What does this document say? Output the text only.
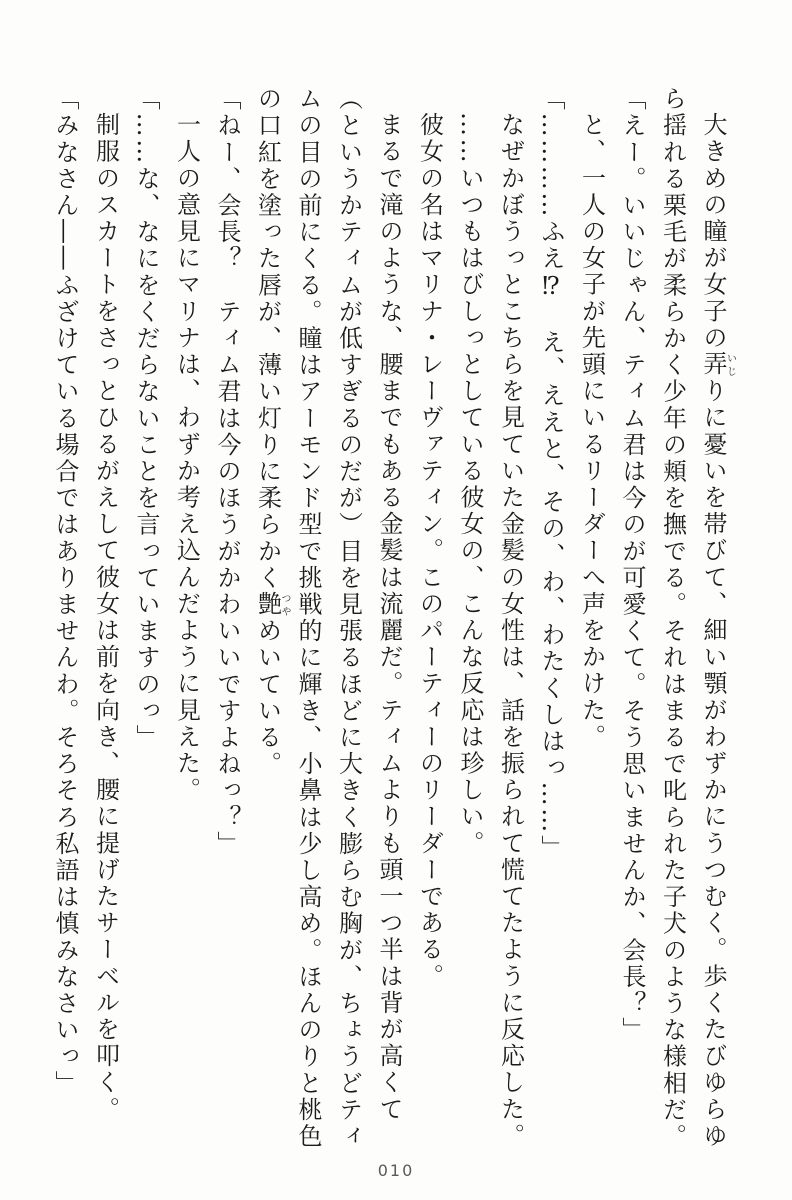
大きめの瞳が女子の弄いじりに憂いを帯びて、細い顎がわずかにうつむく。歩くたびゆらゆら揺れる栗毛が柔らかく少年の頬を撫でる。それはまるで叱られた子犬のような様相だ。

「えー。いいじゃん、ティム君は今のが可愛くて。そう思いませんか、会長？」

と、一人の女子が先頭にいるリーダーへ声をかけた。

「…………ふえ⁉　え、ええと、その、わ、わたくしはっ……」

なぜかぼうっとこちらを見ていた金髪の女性は、話を振られて慌てたように反応した。

……いつもはびしっとしている彼女の、こんな反応は珍しい。

彼女の名はマリナ・レーヴァティン。このパーティーのリーダーである。

まるで滝のような、腰までもある金髪は流麗だ。ティムよりも頭一つ半は背が高くて（というかティムが低すぎるのだが）目を見張るほどに大きく膨らむ胸が、ちょうどティムの目の前にくる。瞳はアーモンド型で挑戦的に輝き、小鼻は少し高め。ほんのりと桃色の口紅を塗った唇が、薄い灯りに柔らかく艶つやめいている。

「ねー、会長？　ティム君は今のほうがかわいいですよねっ？」

一人の意見にマリナは、わずか考え込んだように見えた。

「……な、なにをくだらないことを言っていますのっ」

制服のスカートをさっとひるがえして彼女は前を向き、腰に提げたサーベルを叩く。

「みなさん――ふざけている場合ではありませんわ。そろそろ私語は慎みなさいっ」

010
